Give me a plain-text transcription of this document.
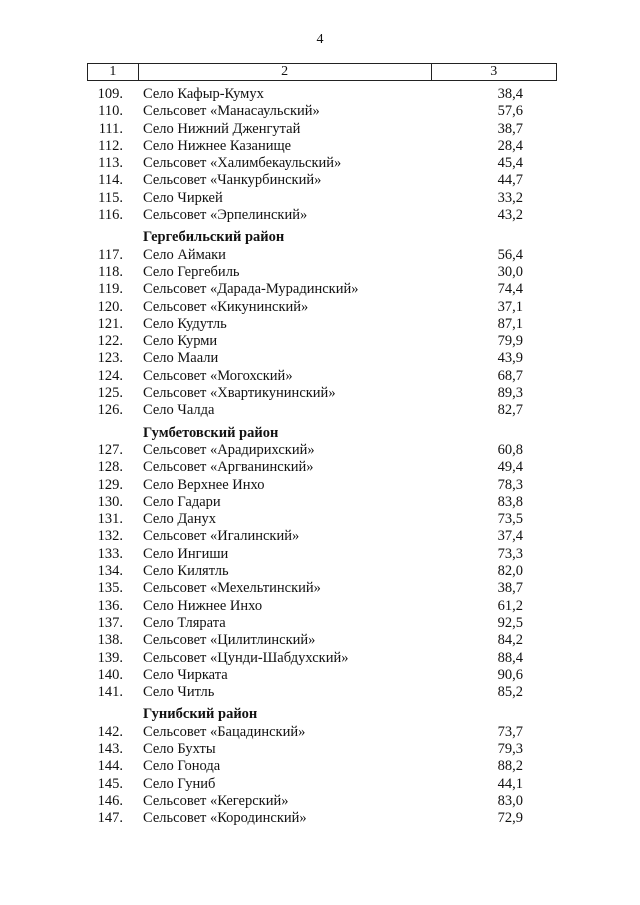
4
1	2	3
109. Село Кафыр-Кумух	38,4
110. Сельсовет «Манасаульский»	57,6
111. Село Нижний Дженгутай	38,7
112. Село Нижнее Казанище	28,4
113. Сельсовет «Халимбекаульский»	45,4
114. Сельсовет «Чанкурбинский»	44,7
115. Село Чиркей	33,2
116. Сельсовет «Эрпелинский»	43,2
Гергебильский район
117. Село Аймаки	56,4
118. Село Гергебиль	30,0
119. Сельсовет «Дарада-Мурадинский»	74,4
120. Сельсовет «Кикунинский»	37,1
121. Село Кудутль	87,1
122. Село Курми	79,9
123. Село Маали	43,9
124. Сельсовет «Могохский»	68,7
125. Сельсовет «Хвартикунинский»	89,3
126. Село Чалда	82,7
Гумбетовский район
127. Сельсовет «Арадирихский»	60,8
128. Сельсовет «Аргванинский»	49,4
129. Село Верхнее Инхо	78,3
130. Село Гадари	83,8
131. Село Данух	73,5
132. Сельсовет «Игалинский»	37,4
133. Село Ингиши	73,3
134. Село Килятль	82,0
135. Сельсовет «Мехельтинский»	38,7
136. Село Нижнее Инхо	61,2
137. Село Тлярата	92,5
138. Сельсовет «Цилитлинский»	84,2
139. Сельсовет «Цунди-Шабдухский»	88,4
140. Село Чирката	90,6
141. Село Читль	85,2
Гунибский район
142. Сельсовет «Бацадинский»	73,7
143. Село Бухты	79,3
144. Село Гонода	88,2
145. Село Гуниб	44,1
146. Сельсовет «Кегерский»	83,0
147. Сельсовет «Кородинский»	72,9
